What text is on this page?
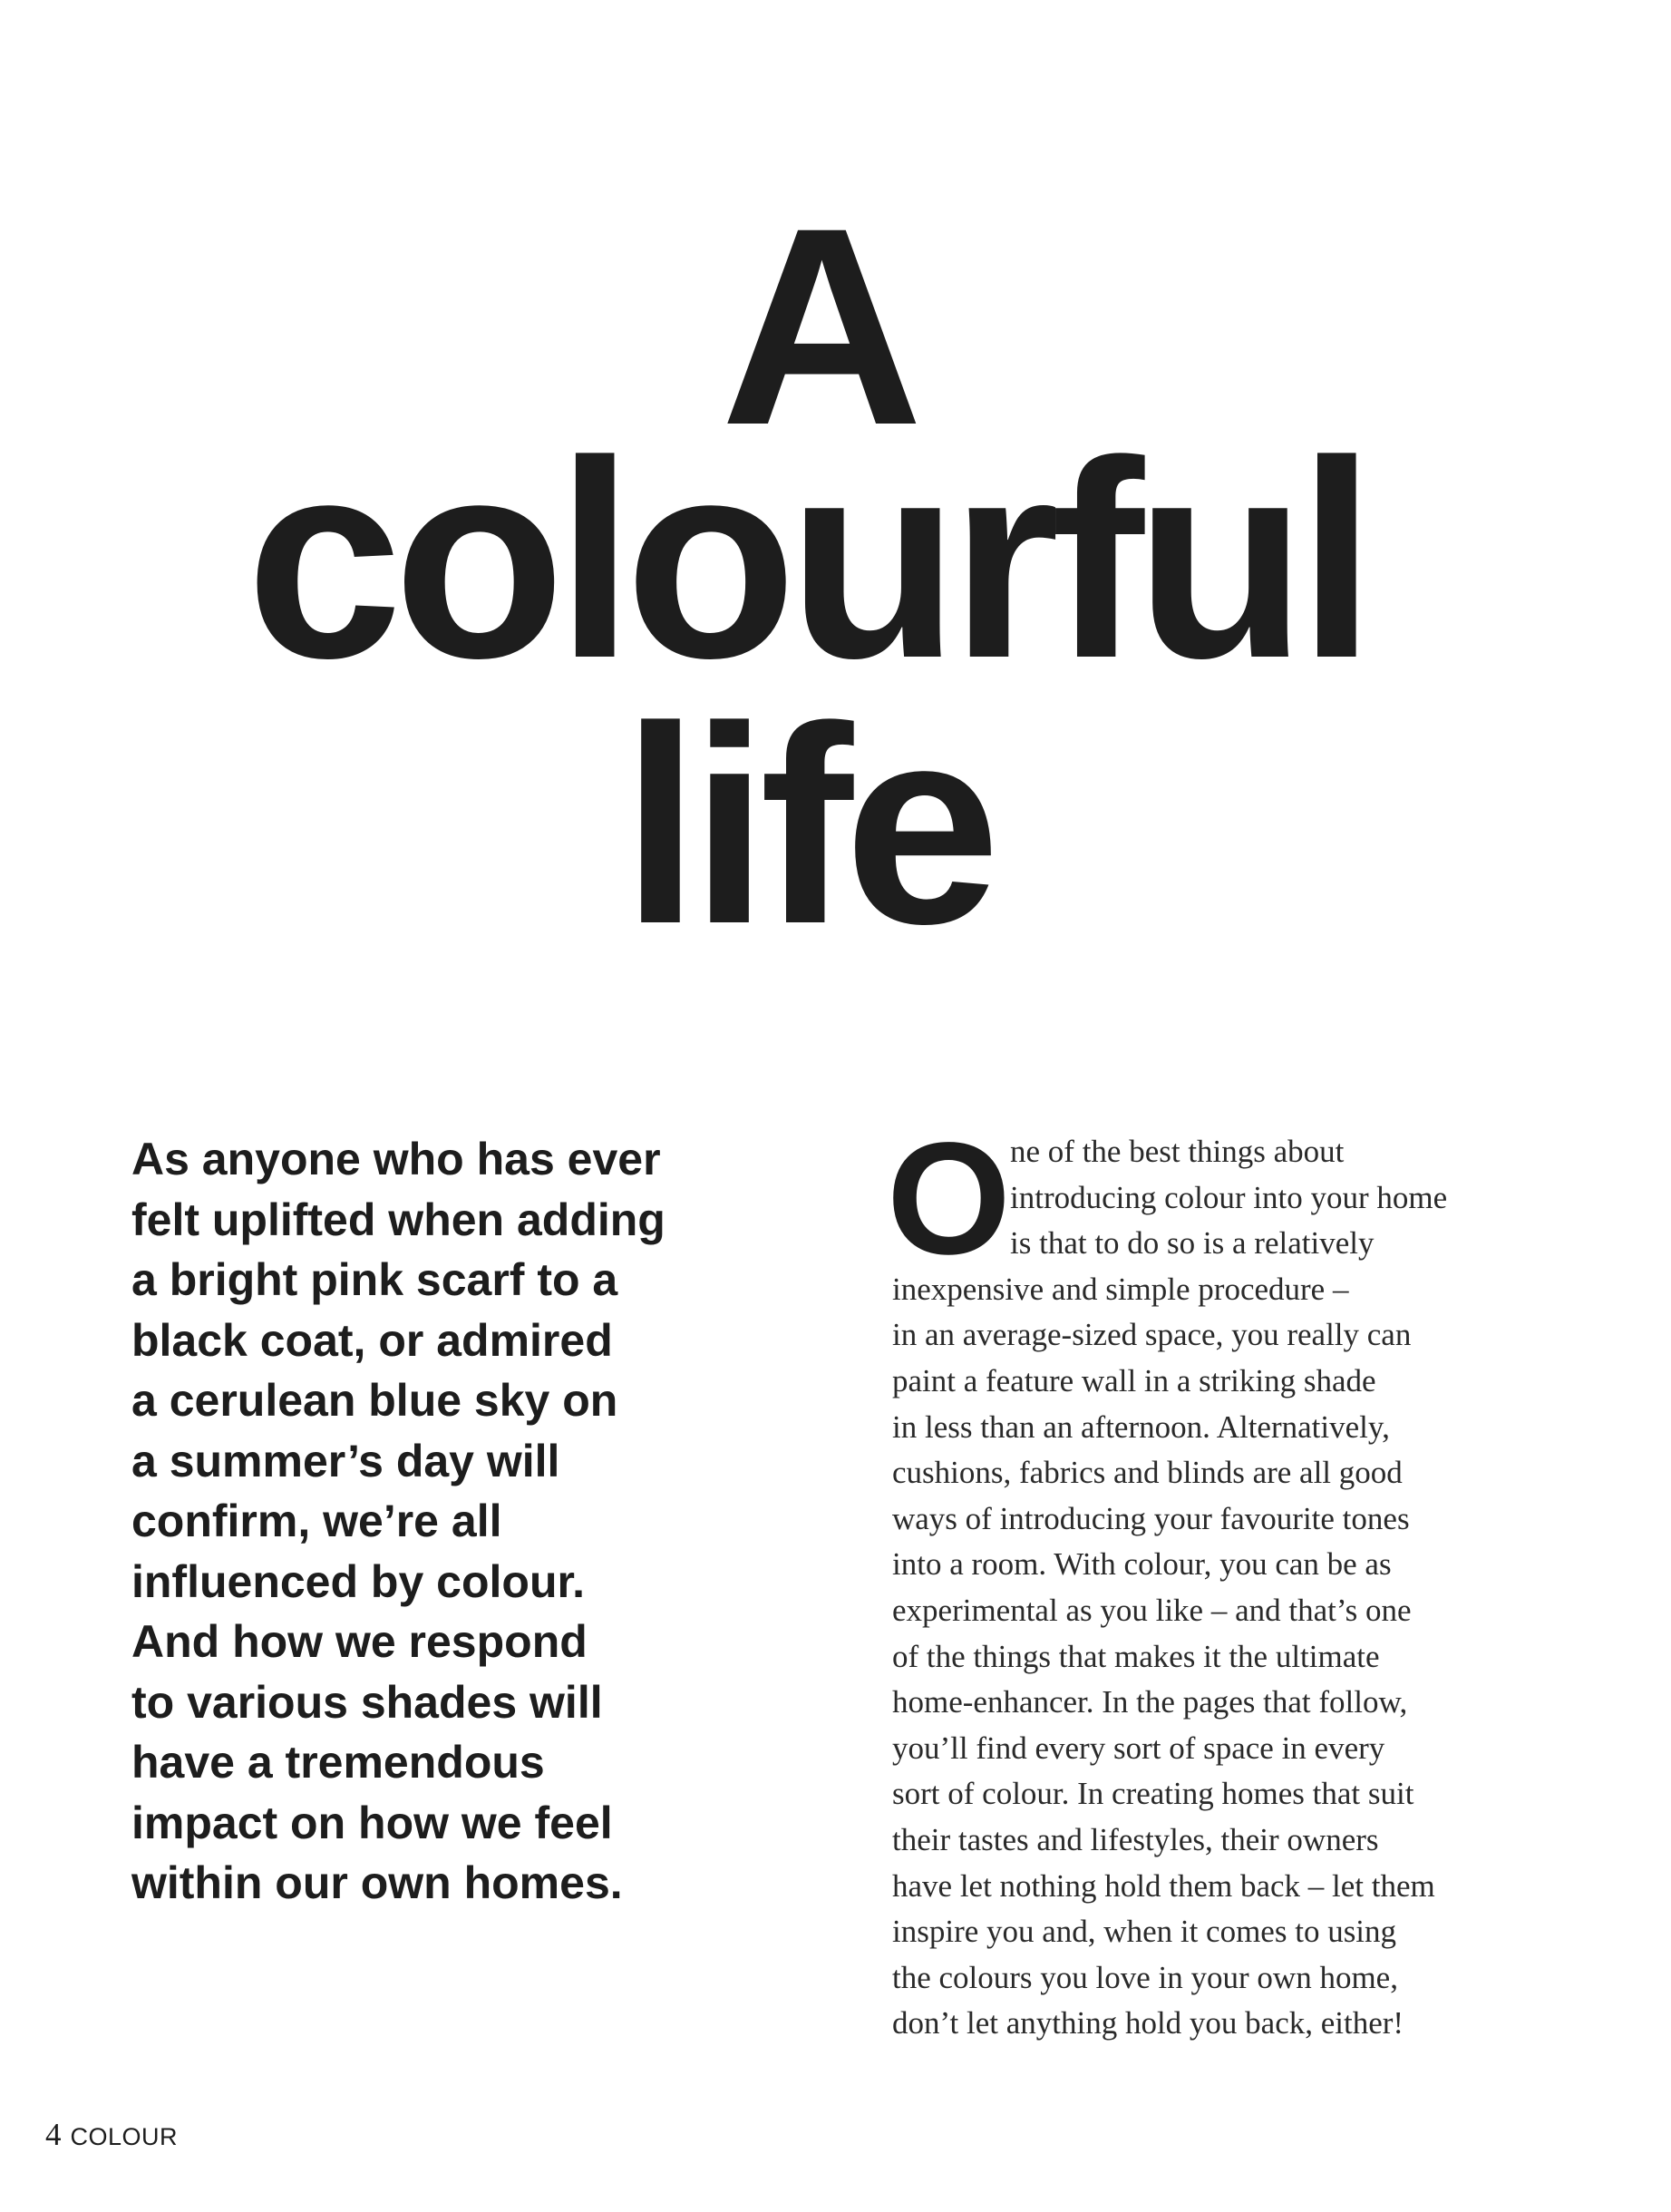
A
colourful
life
As anyone who has ever
felt uplifted when adding
a bright pink scarf to a
black coat, or admired
a cerulean blue sky on
a summer’s day will
confirm, we’re all
influenced by colour.
And how we respond
to various shades will
have a tremendous
impact on how we feel
within our own homes.
O ne of the best things about
introducing colour into your home
is that to do so is a relatively
inexpensive and simple procedure –
in an average-sized space, you really can
paint a feature wall in a striking shade
in less than an afternoon. Alternatively,
cushions, fabrics and blinds are all good
ways of introducing your favourite tones
into a room. With colour, you can be as
experimental as you like – and that’s one
of the things that makes it the ultimate
home-enhancer. In the pages that follow,
you’ll find every sort of space in every
sort of colour. In creating homes that suit
their tastes and lifestyles, their owners
have let nothing hold them back – let them
inspire you and, when it comes to using
the colours you love in your own home,
don’t let anything hold you back, either!
4 COLOUR
